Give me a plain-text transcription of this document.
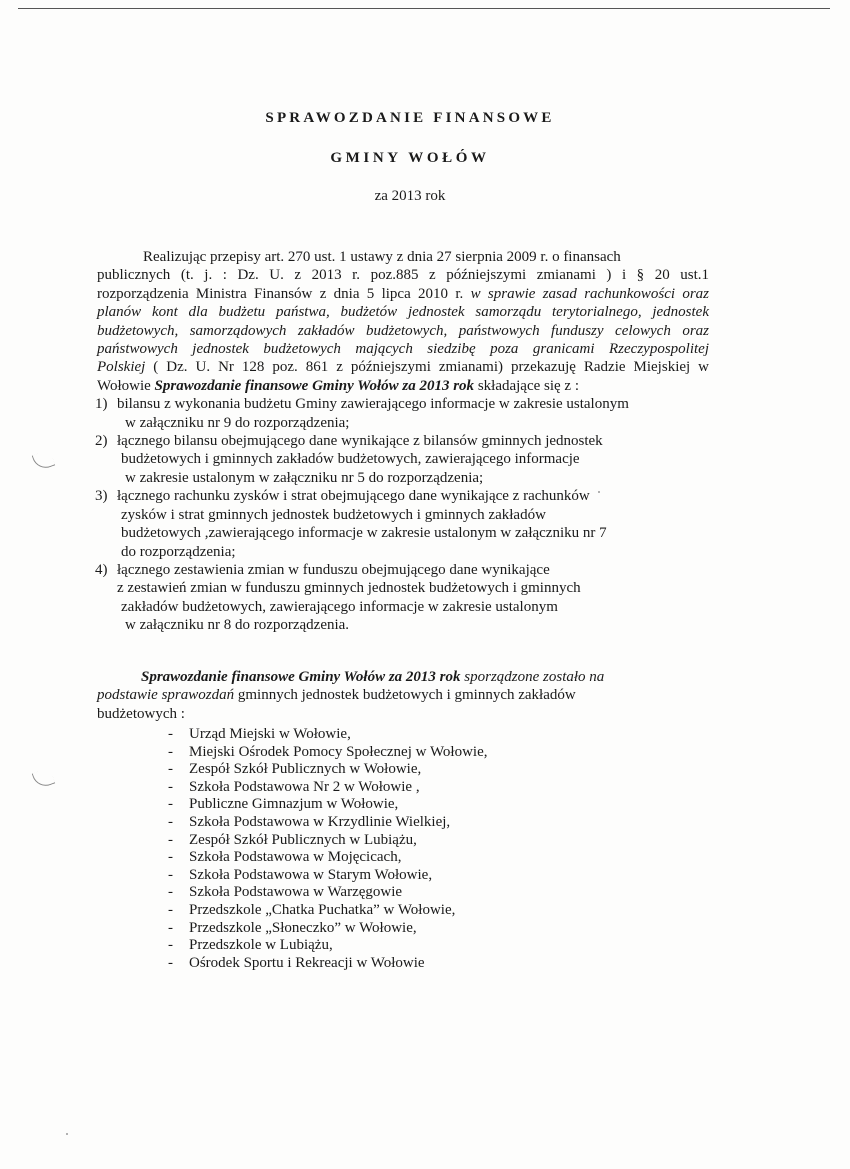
SPRAWOZDANIE FINANSOWE
GMINY WOŁÓW
za 2013 rok
Realizując przepisy art. 270 ust. 1 ustawy z dnia 27 sierpnia 2009 r. o finansach
publicznych (t. j. : Dz. U. z 2013 r. poz.885 z późniejszymi zmianami ) i § 20 ust.1
rozporządzenia Ministra Finansów z dnia 5 lipca 2010 r. w sprawie zasad rachunkowości oraz
planów kont dla budżetu państwa, budżetów jednostek samorządu terytorialnego, jednostek
budżetowych, samorządowych zakładów budżetowych, państwowych funduszy celowych oraz
państwowych jednostek budżetowych mających siedzibę poza granicami Rzeczypospolitej
Polskiej ( Dz. U. Nr 128 poz. 861 z późniejszymi zmianami) przekazuję Radzie Miejskiej w
Wołowie Sprawozdanie finansowe Gminy Wołów za 2013 rok składające się z :
1) bilansu z wykonania budżetu Gminy zawierającego informacje w zakresie ustalonym
w załączniku nr 9 do rozporządzenia;
2) łącznego bilansu obejmującego dane wynikające z bilansów gminnych jednostek
budżetowych i gminnych zakładów budżetowych, zawierającego informacje
w zakresie ustalonym w załączniku nr 5 do rozporządzenia;
3) łącznego rachunku zysków i strat obejmującego dane wynikające z rachunków
zysków i strat gminnych jednostek budżetowych i gminnych zakładów
budżetowych ,zawierającego informacje w zakresie ustalonym w załączniku nr 7
do rozporządzenia;
4) łącznego zestawienia zmian w funduszu obejmującego dane wynikające
z zestawień zmian w funduszu gminnych jednostek budżetowych i gminnych
zakładów budżetowych, zawierającego informacje w zakresie ustalonym
w załączniku nr 8 do rozporządzenia.
Sprawozdanie finansowe Gminy Wołów za 2013 rok sporządzone zostało na
podstawie sprawozdań gminnych jednostek budżetowych i gminnych zakładów
budżetowych :
- Urząd Miejski w Wołowie,
- Miejski Ośrodek Pomocy Społecznej w Wołowie,
- Zespół Szkół Publicznych w Wołowie,
- Szkoła Podstawowa Nr 2 w Wołowie ,
- Publiczne Gimnazjum w Wołowie,
- Szkoła Podstawowa w Krzydlinie Wielkiej,
- Zespół Szkół Publicznych w Lubiążu,
- Szkoła Podstawowa w Mojęcicach,
- Szkoła Podstawowa w Starym Wołowie,
- Szkoła Podstawowa w Warzęgowie
- Przedszkole „Chatka Puchatka” w Wołowie,
- Przedszkole „Słoneczko” w Wołowie,
- Przedszkole w Lubiążu,
- Ośrodek Sportu i Rekreacji w Wołowie
